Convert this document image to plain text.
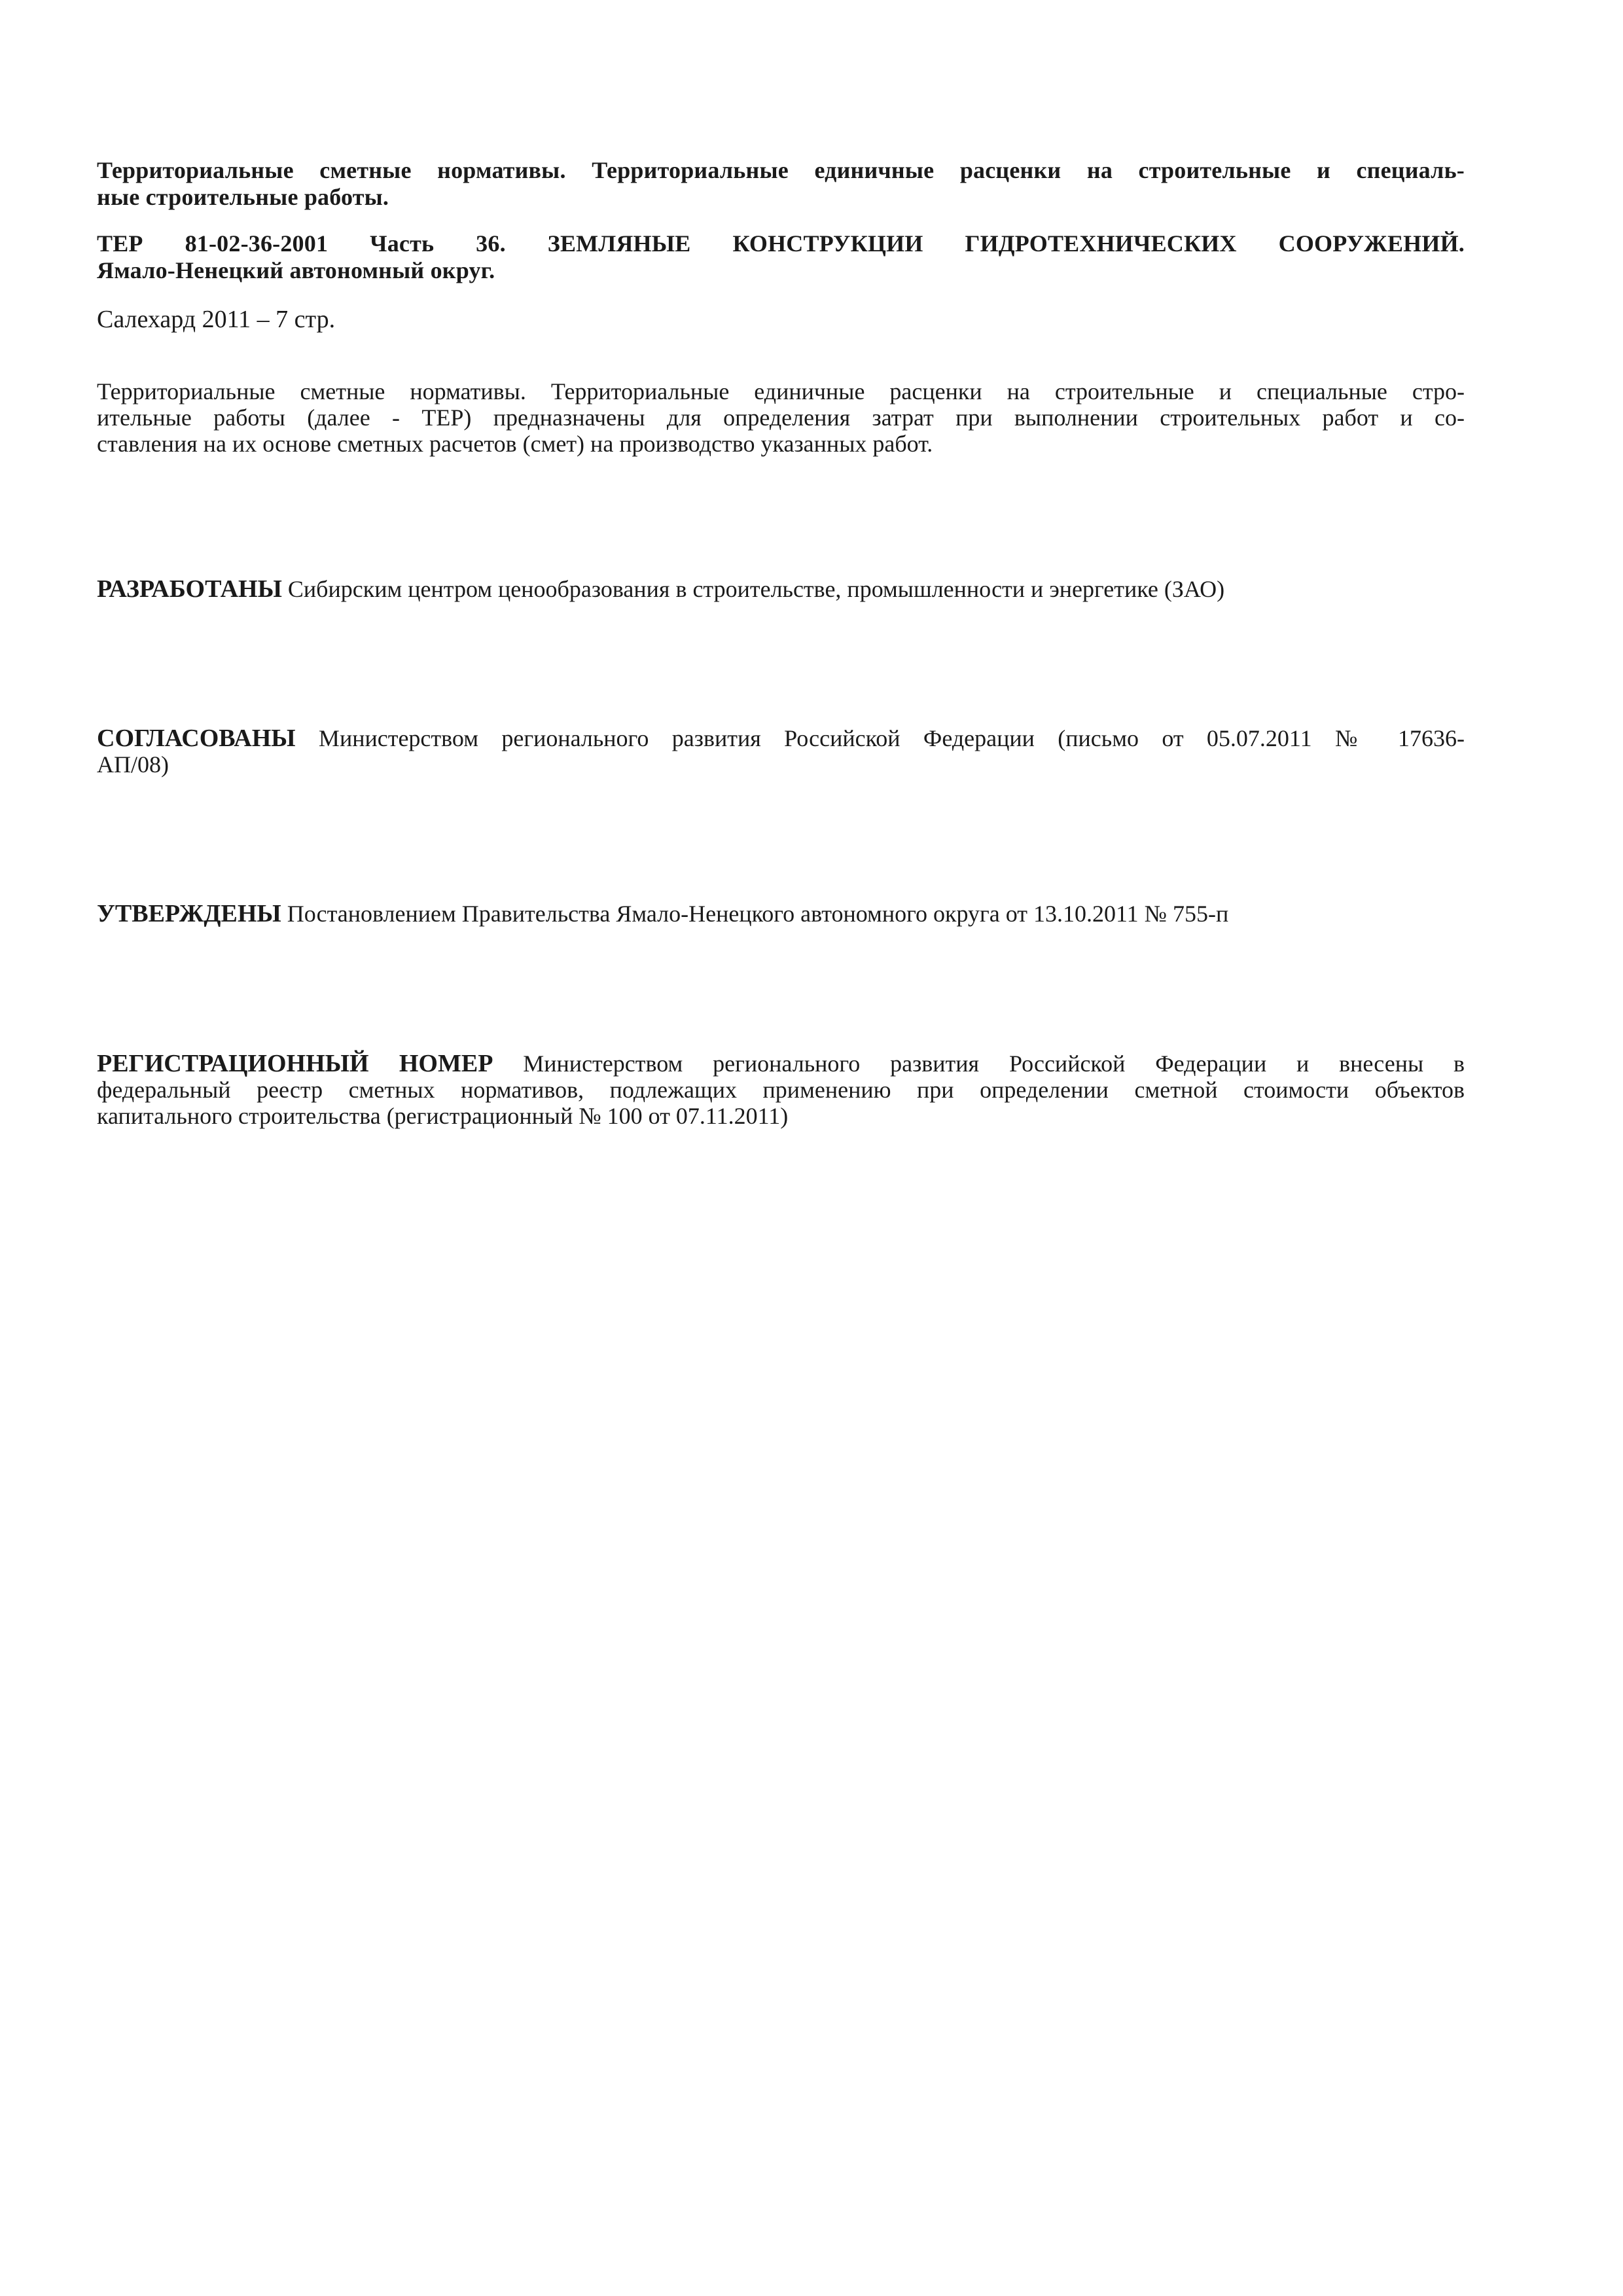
Территориальные сметные нормативы. Территориальные единичные расценки на строительные и специаль-
ные строительные работы.
ТЕР 81-02-36-2001 Часть 36. ЗЕМЛЯНЫЕ КОНСТРУКЦИИ ГИДРОТЕХНИЧЕСКИХ СООРУЖЕНИЙ.
Ямало-Ненецкий автономный округ.
Салехард 2011 – 7 стр.
Территориальные сметные нормативы. Территориальные единичные расценки на строительные и специальные стро-
ительные работы (далее - ТЕР) предназначены для определения затрат при выполнении строительных работ и со-
ставления на их основе сметных расчетов (смет) на производство указанных работ.
РАЗРАБОТАНЫ Сибирским центром ценообразования в строительстве, промышленности и энергетике (ЗАО)
СОГЛАСОВАНЫ Министерством регионального развития Российской Федерации (письмо от 05.07.2011 № 17636-
АП/08)
УТВЕРЖДЕНЫ Постановлением Правительства Ямало-Ненецкого автономного округа от 13.10.2011 № 755-п
РЕГИСТРАЦИОННЫЙ НОМЕР Министерством регионального развития Российской Федерации и внесены в
федеральный реестр сметных нормативов, подлежащих применению при определении сметной стоимости объектов
капитального строительства (регистрационный № 100 от 07.11.2011)
